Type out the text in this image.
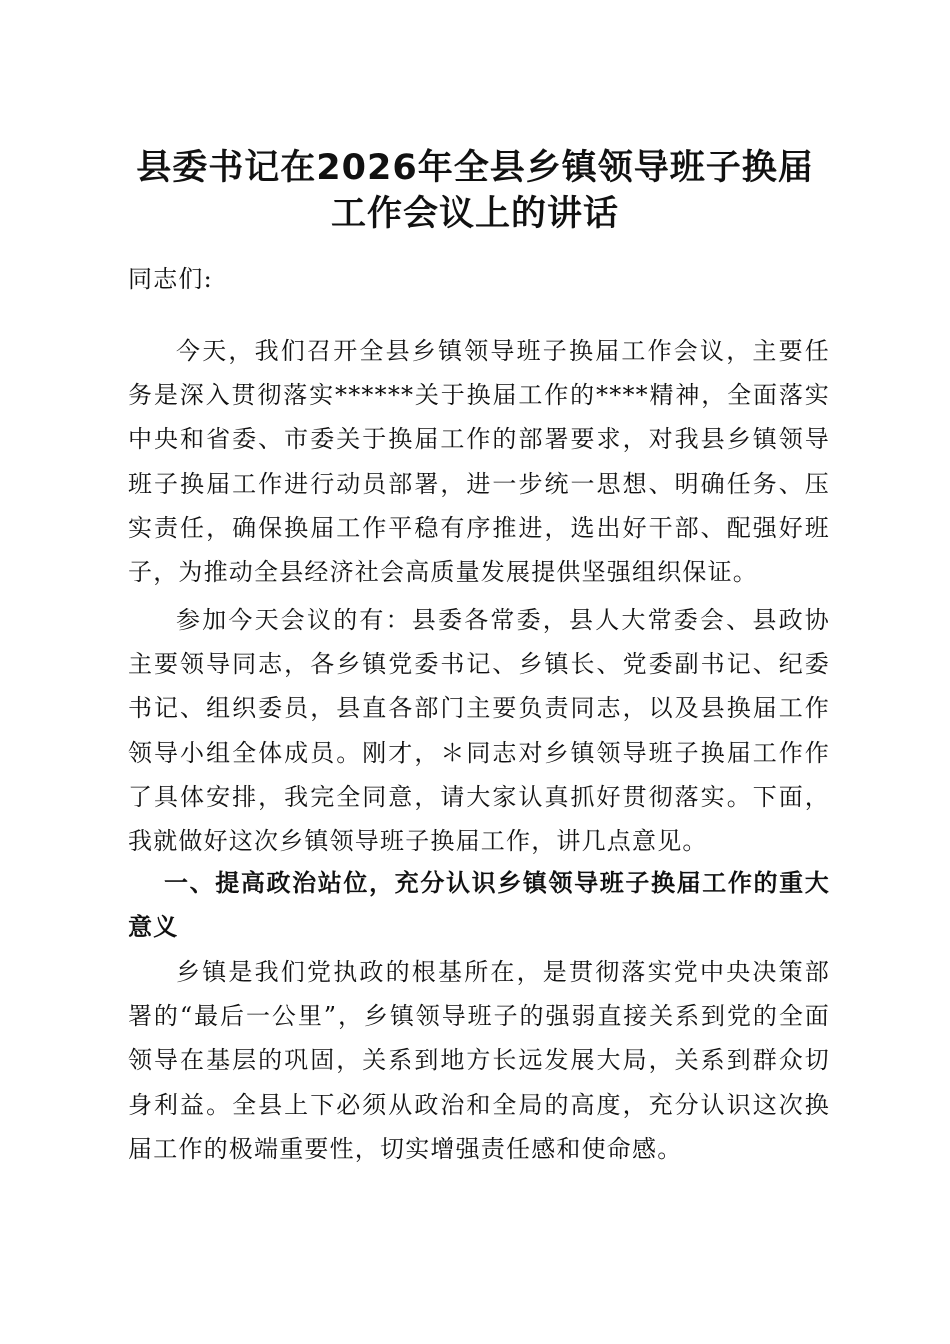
县委书记在2026年全县乡镇领导班子换届
工作会议上的讲话

同志们:

今天，我们召开全县乡镇领导班子换届工作会议，主要任务是深入贯彻落实******关于换届工作的****精神，全面落实中央和省委、市委关于换届工作的部署要求，对我县乡镇领导班子换届工作进行动员部署，进一步统一思想、明确任务、压实责任，确保换届工作平稳有序推进，选出好干部、配强好班子，为推动全县经济社会高质量发展提供坚强组织保证。

参加今天会议的有：县委各常委，县人大常委会、县政协主要领导同志，各乡镇党委书记、乡镇长、党委副书记、纪委书记、组织委员，县直各部门主要负责同志，以及县换届工作领导小组全体成员。刚才，＊同志对乡镇领导班子换届工作作了具体安排，我完全同意，请大家认真抓好贯彻落实。下面，我就做好这次乡镇领导班子换届工作，讲几点意见。

一、提高政治站位，充分认识乡镇领导班子换届工作的重大意义

乡镇是我们党执政的根基所在，是贯彻落实党中央决策部署的“最后一公里”，乡镇领导班子的强弱直接关系到党的全面领导在基层的巩固，关系到地方长远发展大局，关系到群众切身利益。全县上下必须从政治和全局的高度，充分认识这次换届工作的极端重要性，切实增强责任感和使命感。
